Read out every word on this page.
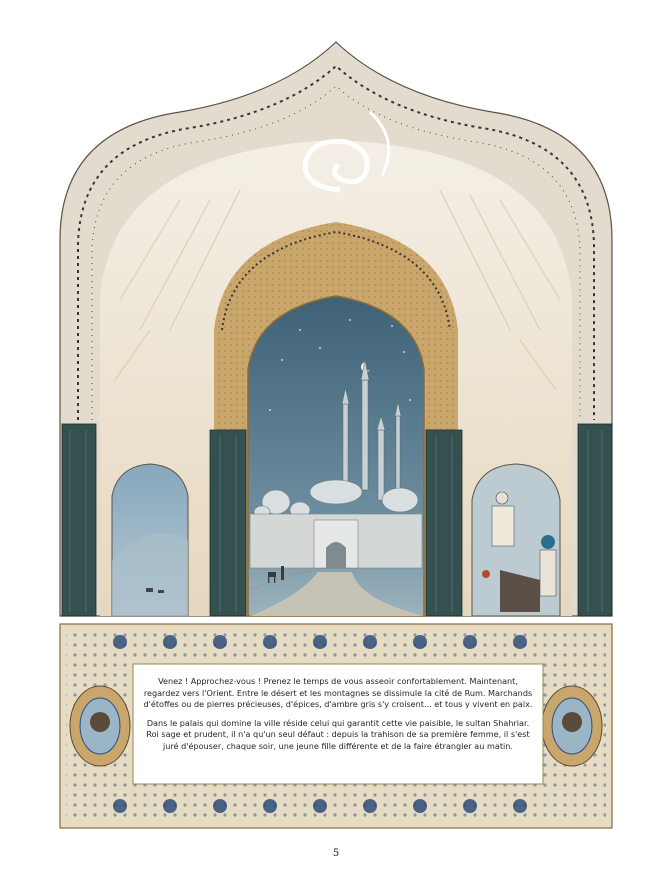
Venez ! Approchez-vous ! Prenez le temps de vous asseoir confortablement. Maintenant, regardez vers l'Orient. Entre le désert et les montagnes se dissimule la cité de Rum. Marchands d'étoffes ou de pierres précieuses, d'épices, d'ambre gris s'y croisent... et tous y vivent en paix.

Dans le palais qui domine la ville réside celui qui garantit cette vie paisible, le sultan Shahriar. Roi sage et prudent, il n'a qu'un seul défaut : depuis la trahison de sa première femme, il s'est juré d'épouser, chaque soir, une jeune fille différente et de la faire étrangler au matin.

5
